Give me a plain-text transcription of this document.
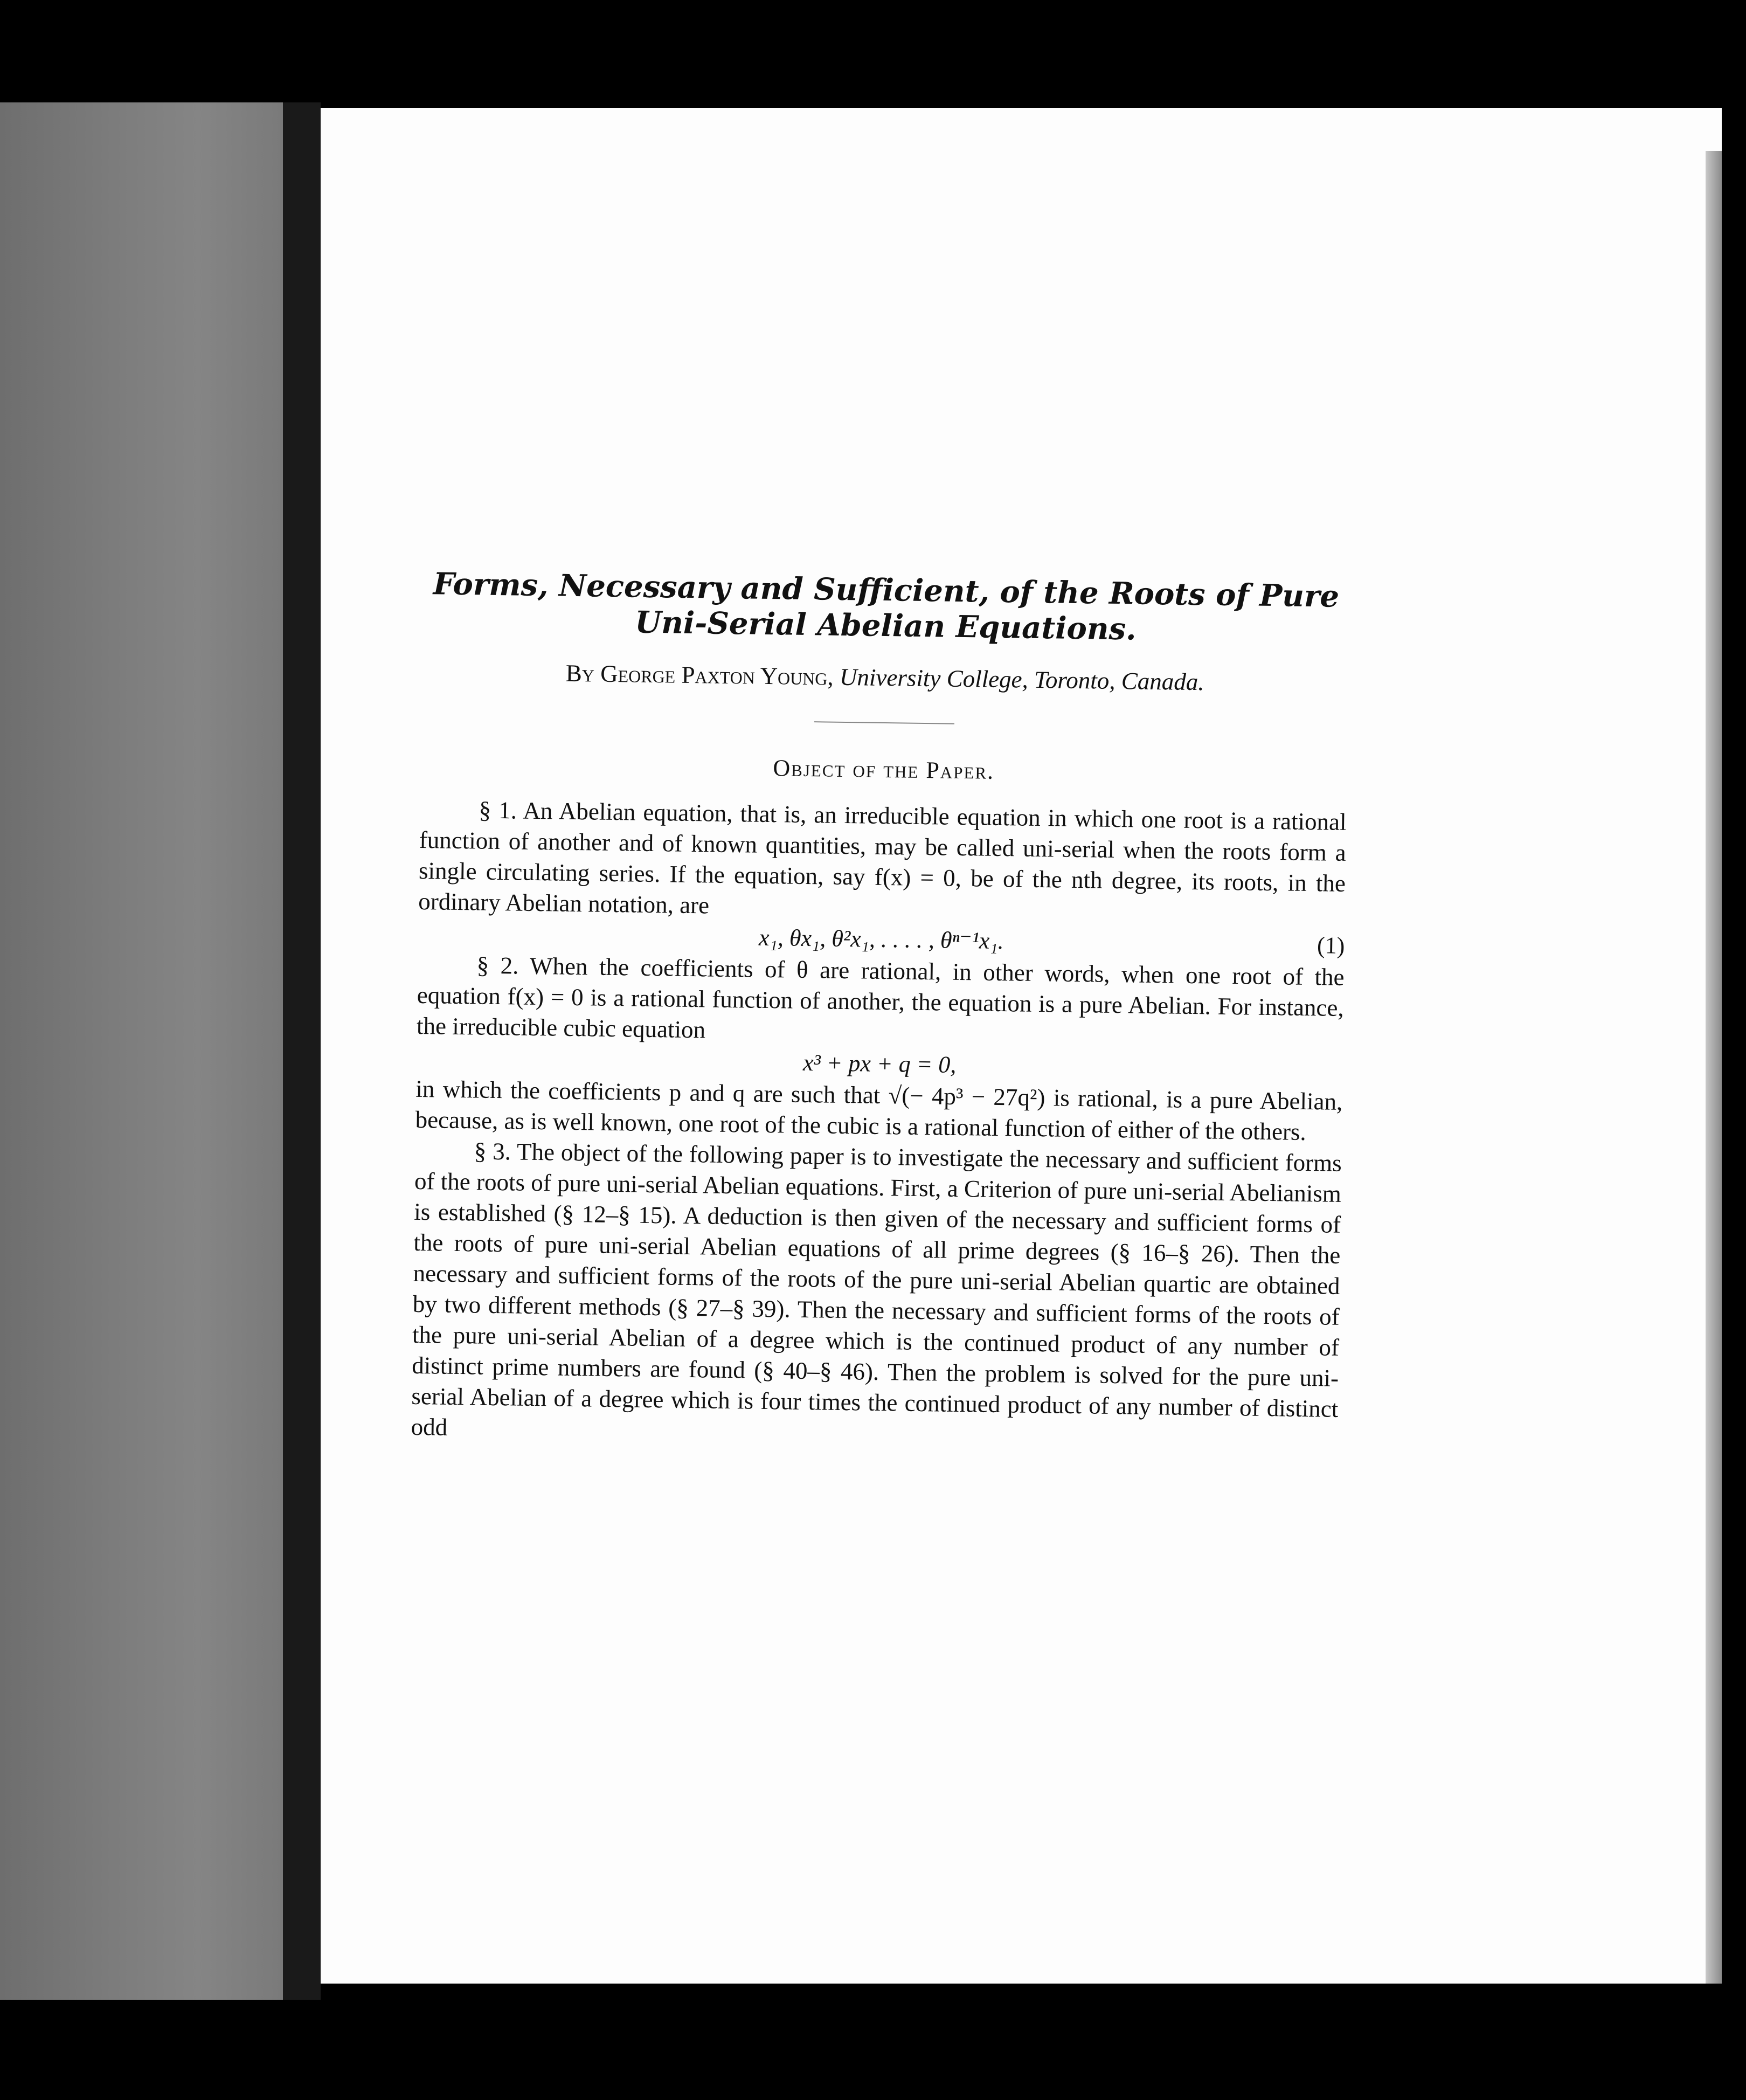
Forms, Necessary and Sufficient, of the Roots of Pure Uni-Serial Abelian Equations.
By George Paxton Young, University College, Toronto, Canada.
Object of the Paper.

§ 1. An Abelian equation, that is, an irreducible equation in which one root is a rational function of another and of known quantities, may be called uni-serial when the roots form a single circulating series. If the equation, say f(x) = 0, be of the nth degree, its roots, in the ordinary Abelian notation, are

x₁, θx₁, θ²x₁, . . . . , θⁿ⁻¹x₁.	(1)

§ 2. When the coefficients of θ are rational, in other words, when one root of the equation f(x) = 0 is a rational function of another, the equation is a pure Abelian. For instance, the irreducible cubic equation

x³ + px + q = 0,

in which the coefficients p and q are such that √(− 4p³ − 27q²) is rational, is a pure Abelian, because, as is well known, one root of the cubic is a rational function of either of the others.

§ 3. The object of the following paper is to investigate the necessary and sufficient forms of the roots of pure uni-serial Abelian equations. First, a Criterion of pure uni-serial Abelianism is established (§ 12–§ 15). A deduction is then given of the necessary and sufficient forms of the roots of pure uni-serial Abelian equations of all prime degrees (§ 16–§ 26). Then the necessary and sufficient forms of the roots of the pure uni-serial Abelian quartic are obtained by two different methods (§ 27–§ 39). Then the necessary and sufficient forms of the roots of the pure uni-serial Abelian of a degree which is the continued product of any number of distinct prime numbers are found (§ 40–§ 46). Then the problem is solved for the pure uni-serial Abelian of a degree which is four times the continued product of any number of distinct odd
